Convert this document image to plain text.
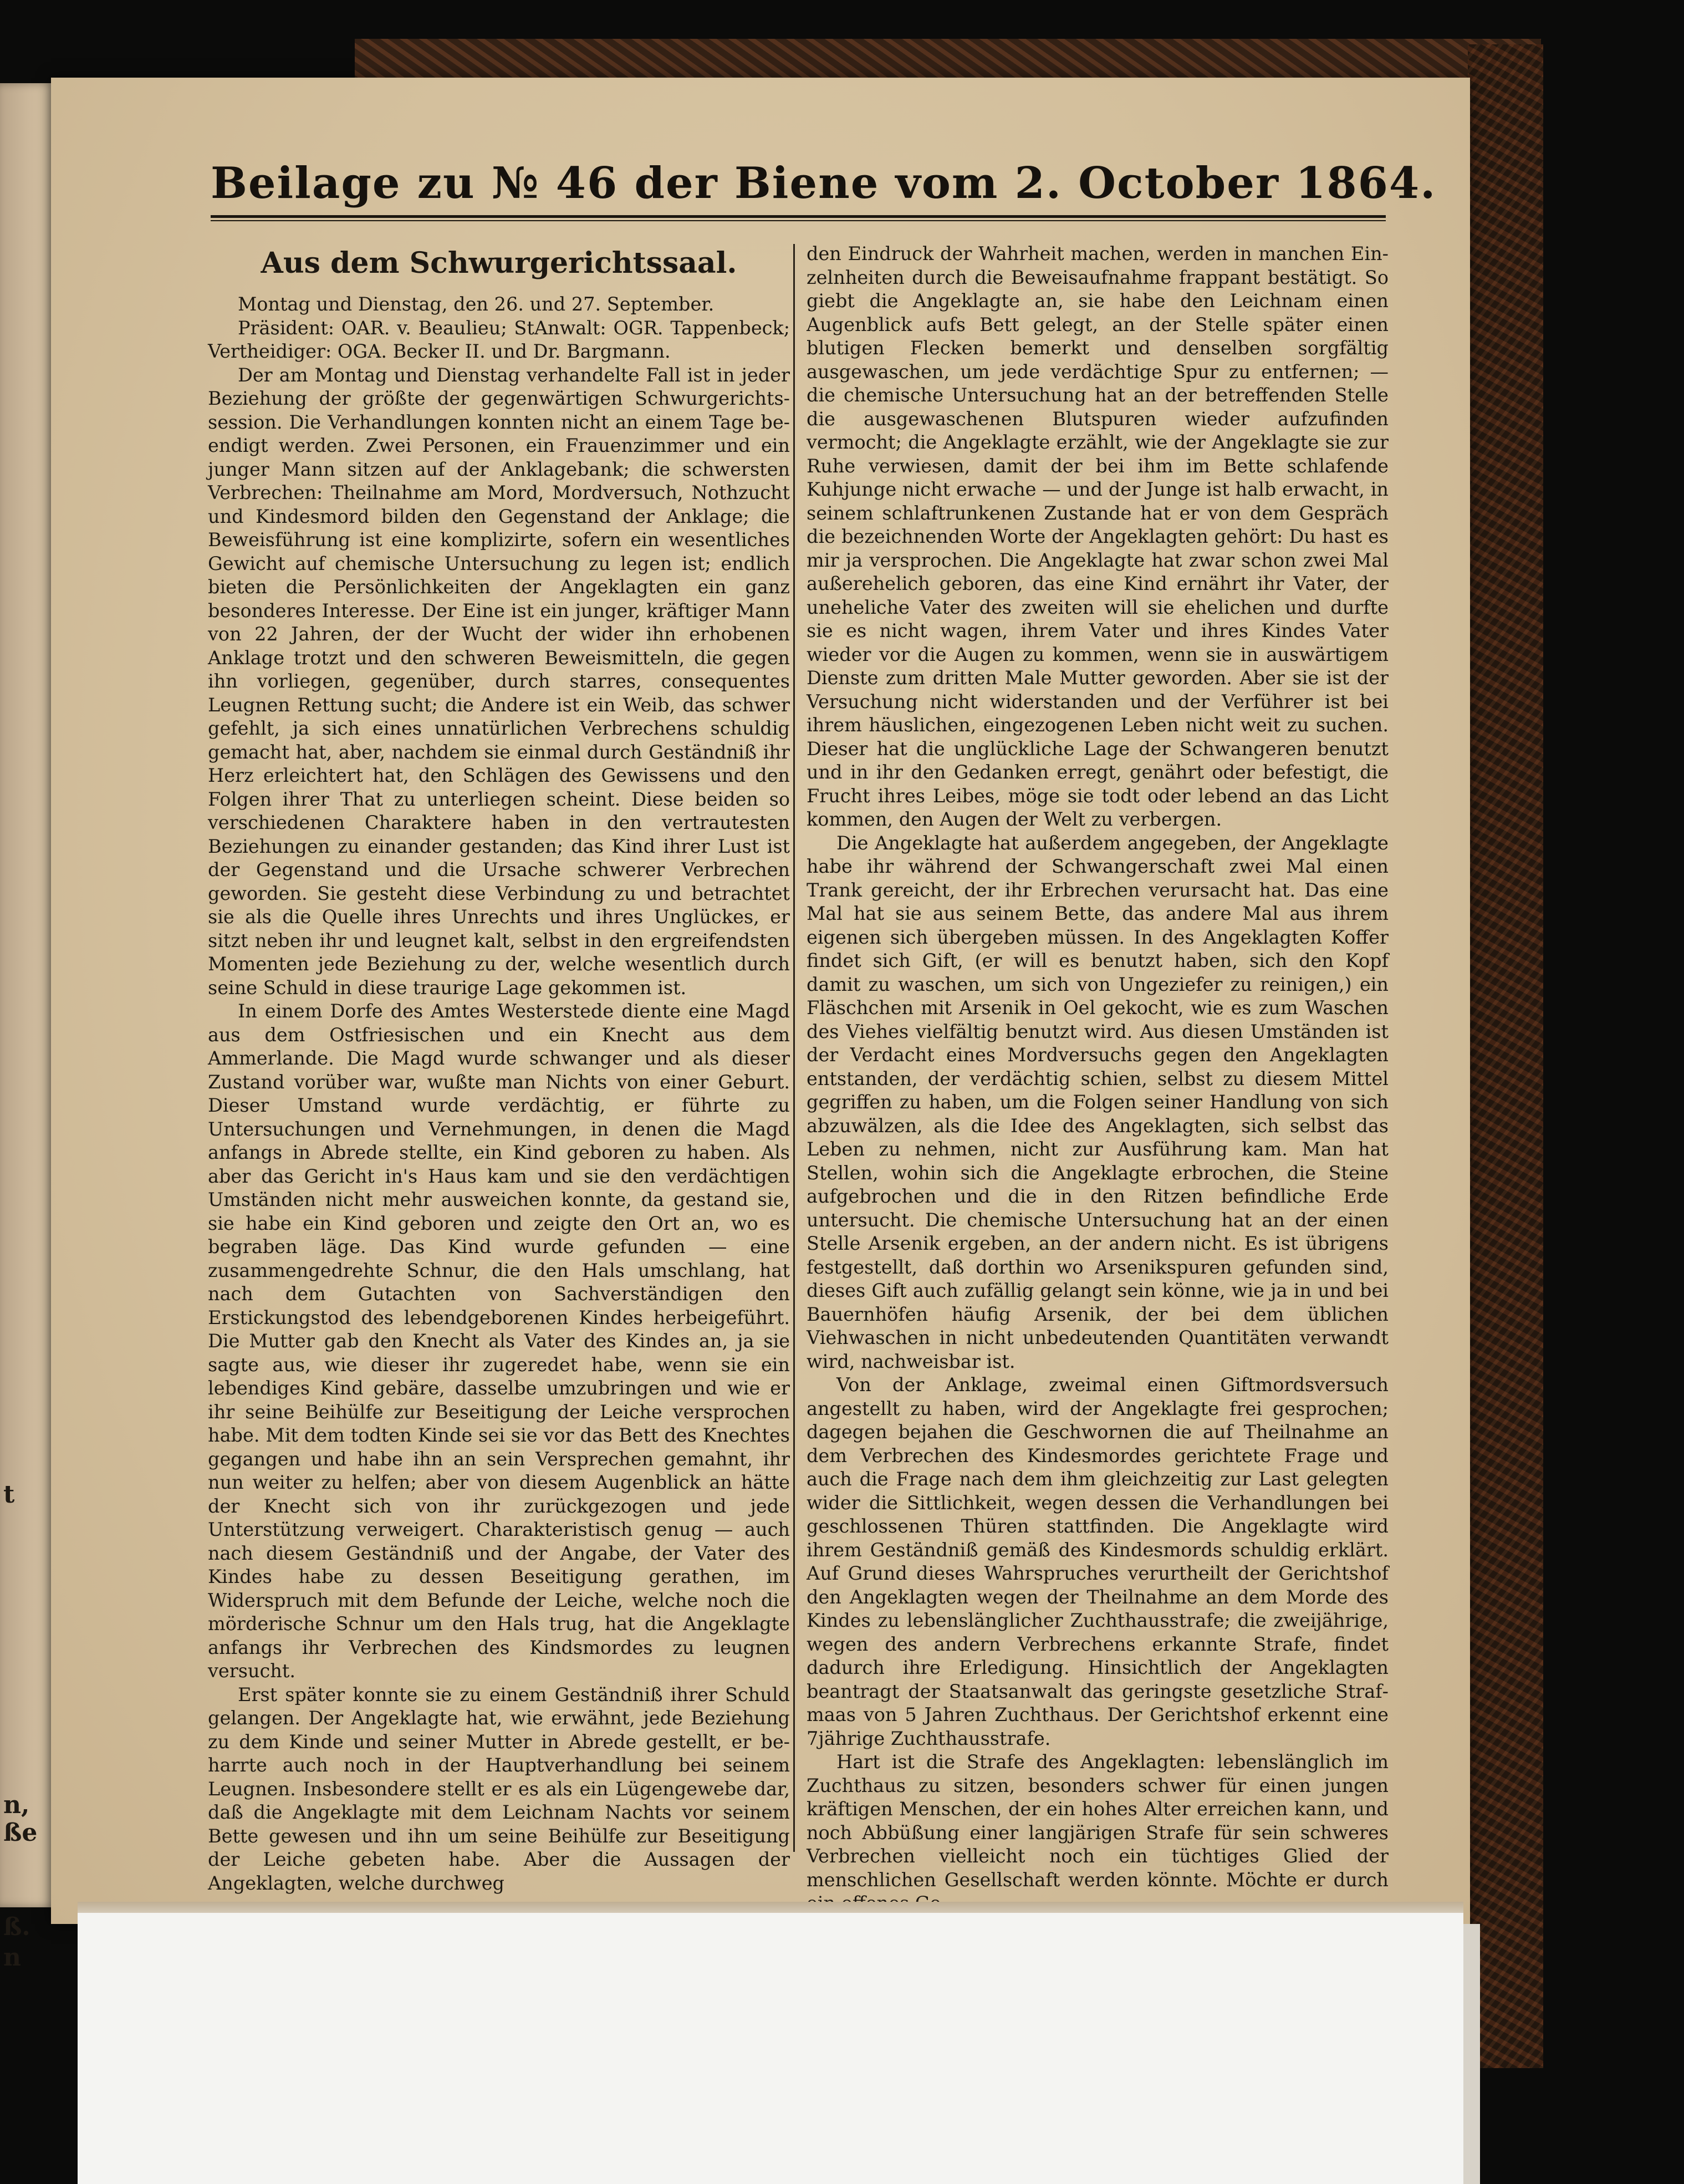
t
n,
ße
ß.
n
Beilage zu № 46 der Biene vom 2. October 1864.
Aus dem Schwurgerichtssaal.

Montag und Dienstag, den 26. und 27. September.

Präsident: OAR. v. Beaulieu; StAnwalt: OGR. Tappenbeck; Vertheidiger: OGA. Becker II. und Dr. Bargmann.

Der am Montag und Dienstag verhandelte Fall ist in jeder Beziehung der größte der gegenwärtigen Schwurgerichtssession. Die Verhandlungen konnten nicht an einem Tage beendigt werden. Zwei Personen, ein Frauenzimmer und ein junger Mann sitzen auf der Anklagebank; die schwersten Verbrechen: Theilnahme am Mord, Mordversuch, Nothzucht und Kindesmord bilden den Gegenstand der Anklage; die Beweisführung ist eine komplizirte, sofern ein wesentliches Gewicht auf chemische Untersuchung zu legen ist; endlich bieten die Persönlichkeiten der Angeklagten ein ganz besonderes Interesse. Der Eine ist ein junger, kräftiger Mann von 22 Jahren, der der Wucht der wider ihn erhobenen Anklage trotzt und den schweren Beweismitteln, die gegen ihn vorliegen, gegenüber, durch starres, consequentes Leugnen Rettung sucht; die Andere ist ein Weib, das schwer gefehlt, ja sich eines unnatürlichen Verbrechens schuldig gemacht hat, aber, nachdem sie einmal durch Geständniß ihr Herz erleichtert hat, den Schlägen des Gewissens und den Folgen ihrer That zu unterliegen scheint. Diese beiden so verschiedenen Charaktere haben in den vertrautesten Beziehungen zu einander gestanden; das Kind ihrer Lust ist der Gegenstand und die Ursache schwerer Verbrechen geworden. Sie gesteht diese Verbindung zu und betrachtet sie als die Quelle ihres Unrechts und ihres Unglückes, er sitzt neben ihr und leugnet kalt, selbst in den ergreifendsten Momenten jede Beziehung zu der, welche wesentlich durch seine Schuld in diese traurige Lage gekommen ist.

In einem Dorfe des Amtes Westerstede diente eine Magd aus dem Ostfriesischen und ein Knecht aus dem Ammerlande. Die Magd wurde schwanger und als dieser Zustand vorüber war, wußte man Nichts von einer Geburt. Dieser Umstand wurde verdächtig, er führte zu Untersuchungen und Vernehmungen, in denen die Magd anfangs in Abrede stellte, ein Kind geboren zu haben. Als aber das Gericht in's Haus kam und sie den verdächtigen Umständen nicht mehr ausweichen konnte, da gestand sie, sie habe ein Kind geboren und zeigte den Ort an, wo es begraben läge. Das Kind wurde gefunden — eine zusammengedrehte Schnur, die den Hals umschlang, hat nach dem Gutachten von Sachverständigen den Erstickungstod des lebendgeborenen Kindes herbeigeführt. Die Mutter gab den Knecht als Vater des Kindes an, ja sie sagte aus, wie dieser ihr zugeredet habe, wenn sie ein lebendiges Kind gebäre, dasselbe umzubringen und wie er ihr seine Beihülfe zur Beseitigung der Leiche versprochen habe. Mit dem todten Kinde sei sie vor das Bett des Knechtes gegangen und habe ihn an sein Versprechen gemahnt, ihr nun weiter zu helfen; aber von diesem Augenblick an hätte der Knecht sich von ihr zurückgezogen und jede Unterstützung verweigert. Charakteristisch genug — auch nach diesem Geständniß und der Angabe, der Vater des Kindes habe zu dessen Beseitigung gerathen, im Widerspruch mit dem Befunde der Leiche, welche noch die mörderische Schnur um den Hals trug, hat die Angeklagte anfangs ihr Verbrechen des Kindsmordes zu leugnen versucht.

Erst später konnte sie zu einem Geständniß ihrer Schuld gelangen. Der Angeklagte hat, wie erwähnt, jede Beziehung zu dem Kinde und seiner Mutter in Abrede gestellt, er beharrte auch noch in der Hauptverhandlung bei seinem Leugnen. Insbesondere stellt er es als ein Lügengewebe dar, daß die Angeklagte mit dem Leichnam Nachts vor seinem Bette gewesen und ihn um seine Beihülfe zur Beseitigung der Leiche gebeten habe. Aber die Aussagen der Angeklagten, welche durchweg

den Eindruck der Wahrheit machen, werden in manchen Einzelnheiten durch die Beweisaufnahme frappant bestätigt. So giebt die Angeklagte an, sie habe den Leichnam einen Augenblick aufs Bett gelegt, an der Stelle später einen blutigen Flecken bemerkt und denselben sorgfältig ausgewaschen, um jede verdächtige Spur zu entfernen; — die chemische Untersuchung hat an der betreffenden Stelle die ausgewaschenen Blutspuren wieder aufzufinden vermocht; die Angeklagte erzählt, wie der Angeklagte sie zur Ruhe verwiesen, damit der bei ihm im Bette schlafende Kuhjunge nicht erwache — und der Junge ist halb erwacht, in seinem schlaftrunkenen Zustande hat er von dem Gespräch die bezeichnenden Worte der Angeklagten gehört: Du hast es mir ja versprochen. Die Angeklagte hat zwar schon zwei Mal außerehelich geboren, das eine Kind ernährt ihr Vater, der uneheliche Vater des zweiten will sie ehelichen und durfte sie es nicht wagen, ihrem Vater und ihres Kindes Vater wieder vor die Augen zu kommen, wenn sie in auswärtigem Dienste zum dritten Male Mutter geworden. Aber sie ist der Versuchung nicht widerstanden und der Verführer ist bei ihrem häuslichen, eingezogenen Leben nicht weit zu suchen. Dieser hat die unglückliche Lage der Schwangeren benutzt und in ihr den Gedanken erregt, genährt oder befestigt, die Frucht ihres Leibes, möge sie todt oder lebend an das Licht kommen, den Augen der Welt zu verbergen.

Die Angeklagte hat außerdem angegeben, der Angeklagte habe ihr während der Schwangerschaft zwei Mal einen Trank gereicht, der ihr Erbrechen verursacht hat. Das eine Mal hat sie aus seinem Bette, das andere Mal aus ihrem eigenen sich übergeben müssen. In des Angeklagten Koffer findet sich Gift, (er will es benutzt haben, sich den Kopf damit zu waschen, um sich von Ungeziefer zu reinigen,) ein Fläschchen mit Arsenik in Oel gekocht, wie es zum Waschen des Viehes vielfältig benutzt wird. Aus diesen Umständen ist der Verdacht eines Mordversuchs gegen den Angeklagten entstanden, der verdächtig schien, selbst zu diesem Mittel gegriffen zu haben, um die Folgen seiner Handlung von sich abzuwälzen, als die Idee des Angeklagten, sich selbst das Leben zu nehmen, nicht zur Ausführung kam. Man hat Stellen, wohin sich die Angeklagte erbrochen, die Steine aufgebrochen und die in den Ritzen befindliche Erde untersucht. Die chemische Untersuchung hat an der einen Stelle Arsenik ergeben, an der andern nicht. Es ist übrigens festgestellt, daß dorthin wo Arsenikspuren gefunden sind, dieses Gift auch zufällig gelangt sein könne, wie ja in und bei Bauernhöfen häufig Arsenik, der bei dem üblichen Viehwaschen in nicht unbedeutenden Quantitäten verwandt wird, nachweisbar ist.

Von der Anklage, zweimal einen Giftmordsversuch angestellt zu haben, wird der Angeklagte frei gesprochen; dagegen bejahen die Geschwornen die auf Theilnahme an dem Verbrechen des Kindesmordes gerichtete Frage und auch die Frage nach dem ihm gleichzeitig zur Last gelegten wider die Sittlichkeit, wegen dessen die Verhandlungen bei geschlossenen Thüren stattfinden. Die Angeklagte wird ihrem Geständniß gemäß des Kindesmords schuldig erklärt. Auf Grund dieses Wahrspruches verurtheilt der Gerichtshof den Angeklagten wegen der Theilnahme an dem Morde des Kindes zu lebenslänglicher Zuchthausstrafe; die zweijährige, wegen des andern Verbrechens erkannte Strafe, findet dadurch ihre Erledigung. Hinsichtlich der Angeklagten beantragt der Staatsanwalt das geringste gesetzliche Strafmaas von 5 Jahren Zuchthaus. Der Gerichtshof erkennt eine 7jährige Zuchthausstrafe.

Hart ist die Strafe des Angeklagten: lebenslänglich im Zuchthaus zu sitzen, besonders schwer für einen jungen kräftigen Menschen, der ein hohes Alter erreichen kann, und noch Abbüßung einer langjärigen Strafe für sein schweres Verbrechen vielleicht noch ein tüchtiges Glied der menschlichen Gesellschaft werden könnte. Möchte er durch
